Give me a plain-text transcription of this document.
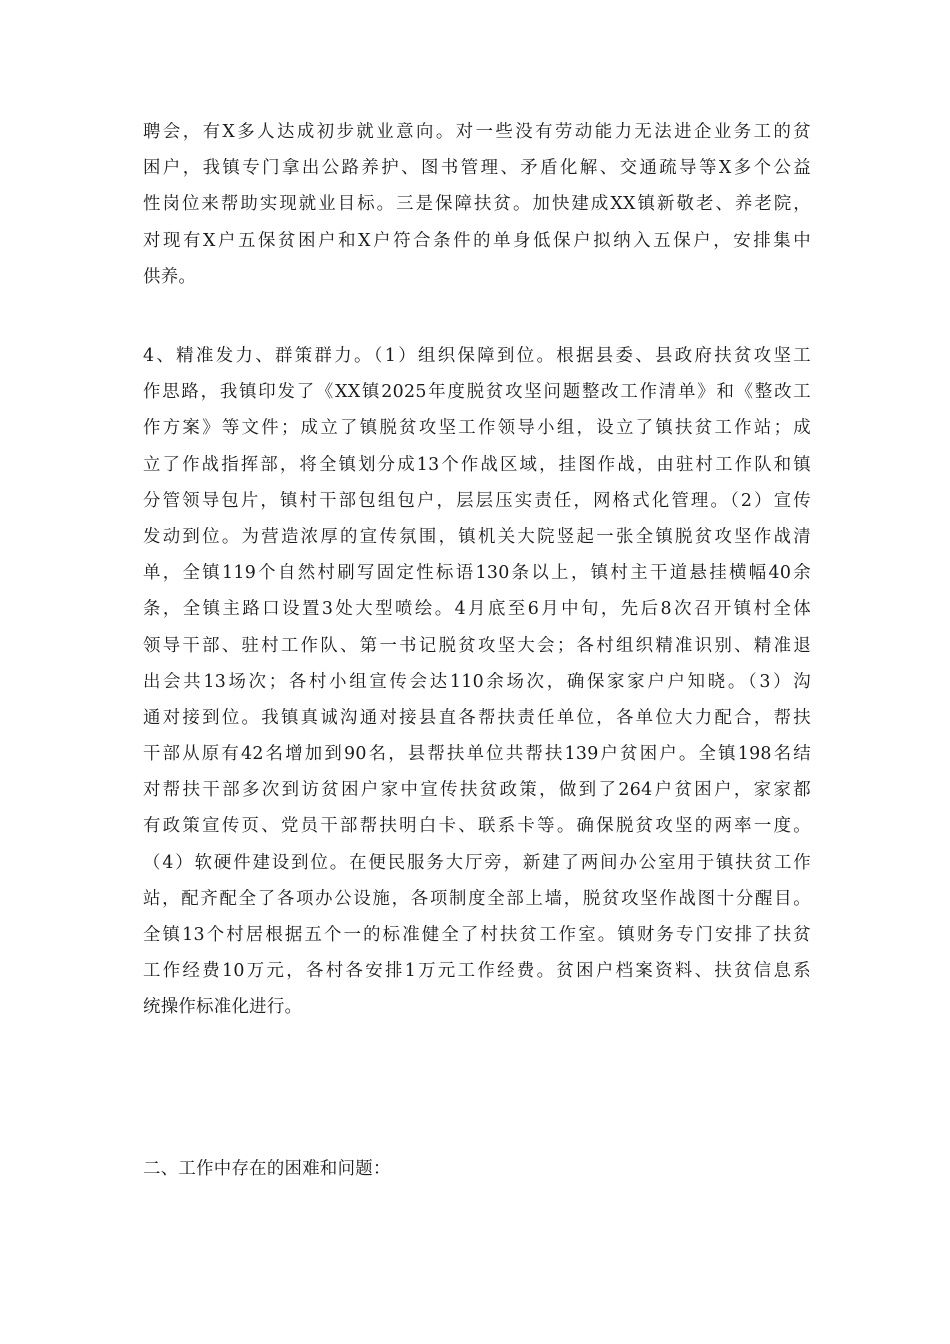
聘会，有X多人达成初步就业意向。对一些没有劳动能力无法进企业务工的贫
困户，我镇专门拿出公路养护、图书管理、矛盾化解、交通疏导等X多个公益
性岗位来帮助实现就业目标。三是保障扶贫。加快建成XX镇新敬老、养老院，
对现有X户五保贫困户和X户符合条件的单身低保户拟纳入五保户，安排集中
供养。
4、精准发力、群策群力。（1）组织保障到位。根据县委、县政府扶贫攻坚工
作思路，我镇印发了《XX镇2025年度脱贫攻坚问题整改工作清单》和《整改工
作方案》等文件；成立了镇脱贫攻坚工作领导小组，设立了镇扶贫工作站；成
立了作战指挥部，将全镇划分成13个作战区域，挂图作战，由驻村工作队和镇
分管领导包片，镇村干部包组包户，层层压实责任，网格式化管理。（2）宣传
发动到位。为营造浓厚的宣传氛围，镇机关大院竖起一张全镇脱贫攻坚作战清
单，全镇119个自然村刷写固定性标语130条以上，镇村主干道悬挂横幅40余
条，全镇主路口设置3处大型喷绘。4月底至6月中旬，先后8次召开镇村全体
领导干部、驻村工作队、第一书记脱贫攻坚大会；各村组织精准识别、精准退
出会共13场次；各村小组宣传会达110余场次，确保家家户户知晓。（3）沟
通对接到位。我镇真诚沟通对接县直各帮扶责任单位，各单位大力配合，帮扶
干部从原有42名增加到90名，县帮扶单位共帮扶139户贫困户。全镇198名结
对帮扶干部多次到访贫困户家中宣传扶贫政策，做到了264户贫困户，家家都
有政策宣传页、党员干部帮扶明白卡、联系卡等。确保脱贫攻坚的两率一度。
（4）软硬件建设到位。在便民服务大厅旁，新建了两间办公室用于镇扶贫工作
站，配齐配全了各项办公设施，各项制度全部上墙，脱贫攻坚作战图十分醒目。
全镇13个村居根据五个一的标准健全了村扶贫工作室。镇财务专门安排了扶贫
工作经费10万元，各村各安排1万元工作经费。贫困户档案资料、扶贫信息系
统操作标准化进行。
二、工作中存在的困难和问题：
